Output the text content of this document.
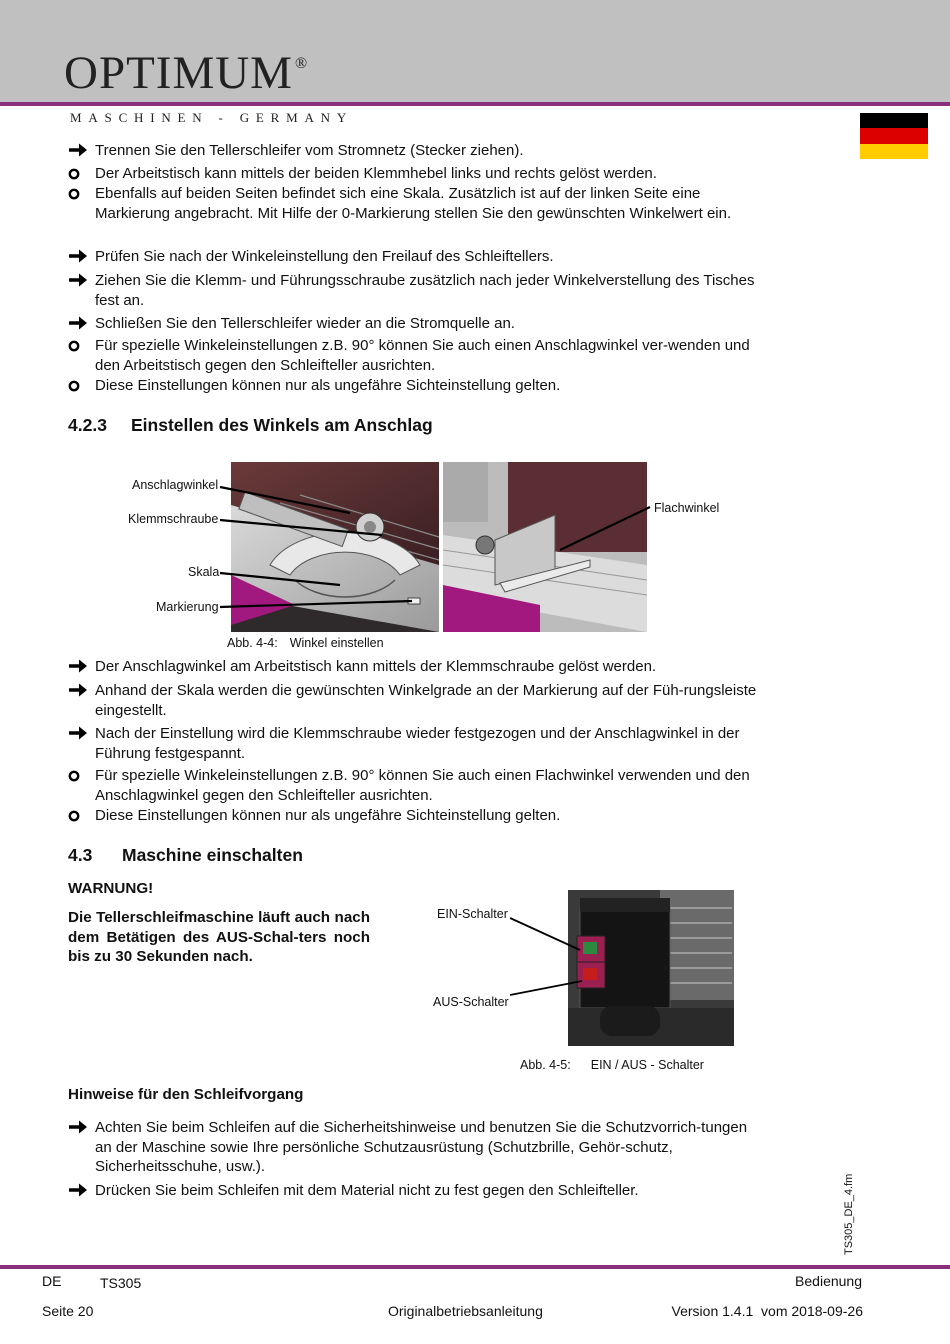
OPTIMUM ®
MASCHINEN - GERMANY
Trennen Sie den Tellerschleifer vom Stromnetz (Stecker ziehen).
Der Arbeitstisch kann mittels der beiden Klemmhebel links und rechts gelöst werden.
Ebenfalls auf beiden Seiten befindet sich eine Skala. Zusätzlich ist auf der linken Seite eine Markierung angebracht. Mit Hilfe der 0-Markierung stellen Sie den gewünschten Winkelwert ein.
Prüfen Sie nach der Winkeleinstellung den Freilauf des Schleiftellers.
Ziehen Sie die Klemm- und Führungsschraube zusätzlich nach jeder Winkelverstellung des Tisches fest an.
Schließen Sie den Tellerschleifer wieder an die Stromquelle an.
Für spezielle Winkeleinstellungen z.B. 90° können Sie auch einen Anschlagwinkel ver-wenden und den Arbeitstisch gegen den Schleifteller ausrichten.
Diese Einstellungen können nur als ungefähre Sichteinstellung gelten.
4.2.3 Einstellen des Winkels am Anschlag
Anschlagwinkel
Klemmschraube
Skala
Markierung
Flachwinkel
Abb. 4-4: Winkel einstellen
Der Anschlagwinkel am Arbeitstisch kann mittels der Klemmschraube gelöst werden.
Anhand der Skala werden die gewünschten Winkelgrade an der Markierung auf der Füh-rungsleiste eingestellt.
Nach der Einstellung wird die Klemmschraube wieder festgezogen und der Anschlagwinkel in der Führung festgespannt.
Für spezielle Winkeleinstellungen z.B. 90° können Sie auch einen Flachwinkel verwenden und den Anschlagwinkel gegen den Schleifteller ausrichten.
Diese Einstellungen können nur als ungefähre Sichteinstellung gelten.
4.3 Maschine einschalten
WARNUNG!
Die Tellerschleifmaschine läuft auch nach dem Betätigen des AUS-Schal-ters noch bis zu 30 Sekunden nach.
EIN-Schalter
AUS-Schalter
Abb. 4-5: EIN / AUS - Schalter
Hinweise für den Schleifvorgang
Achten Sie beim Schleifen auf die Sicherheitshinweise und benutzen Sie die Schutzvorrich-tungen an der Maschine sowie Ihre persönliche Schutzausrüstung (Schutzbrille, Gehör-schutz, Sicherheitsschuhe, usw.).
Drücken Sie beim Schleifen mit dem Material nicht zu fest gegen den Schleifteller.	TS305_DE_4.fm
DE	TS305	Bedienung
Seite 20	Originalbetriebsanleitung	Version 1.4.1  vom 2018-09-26
